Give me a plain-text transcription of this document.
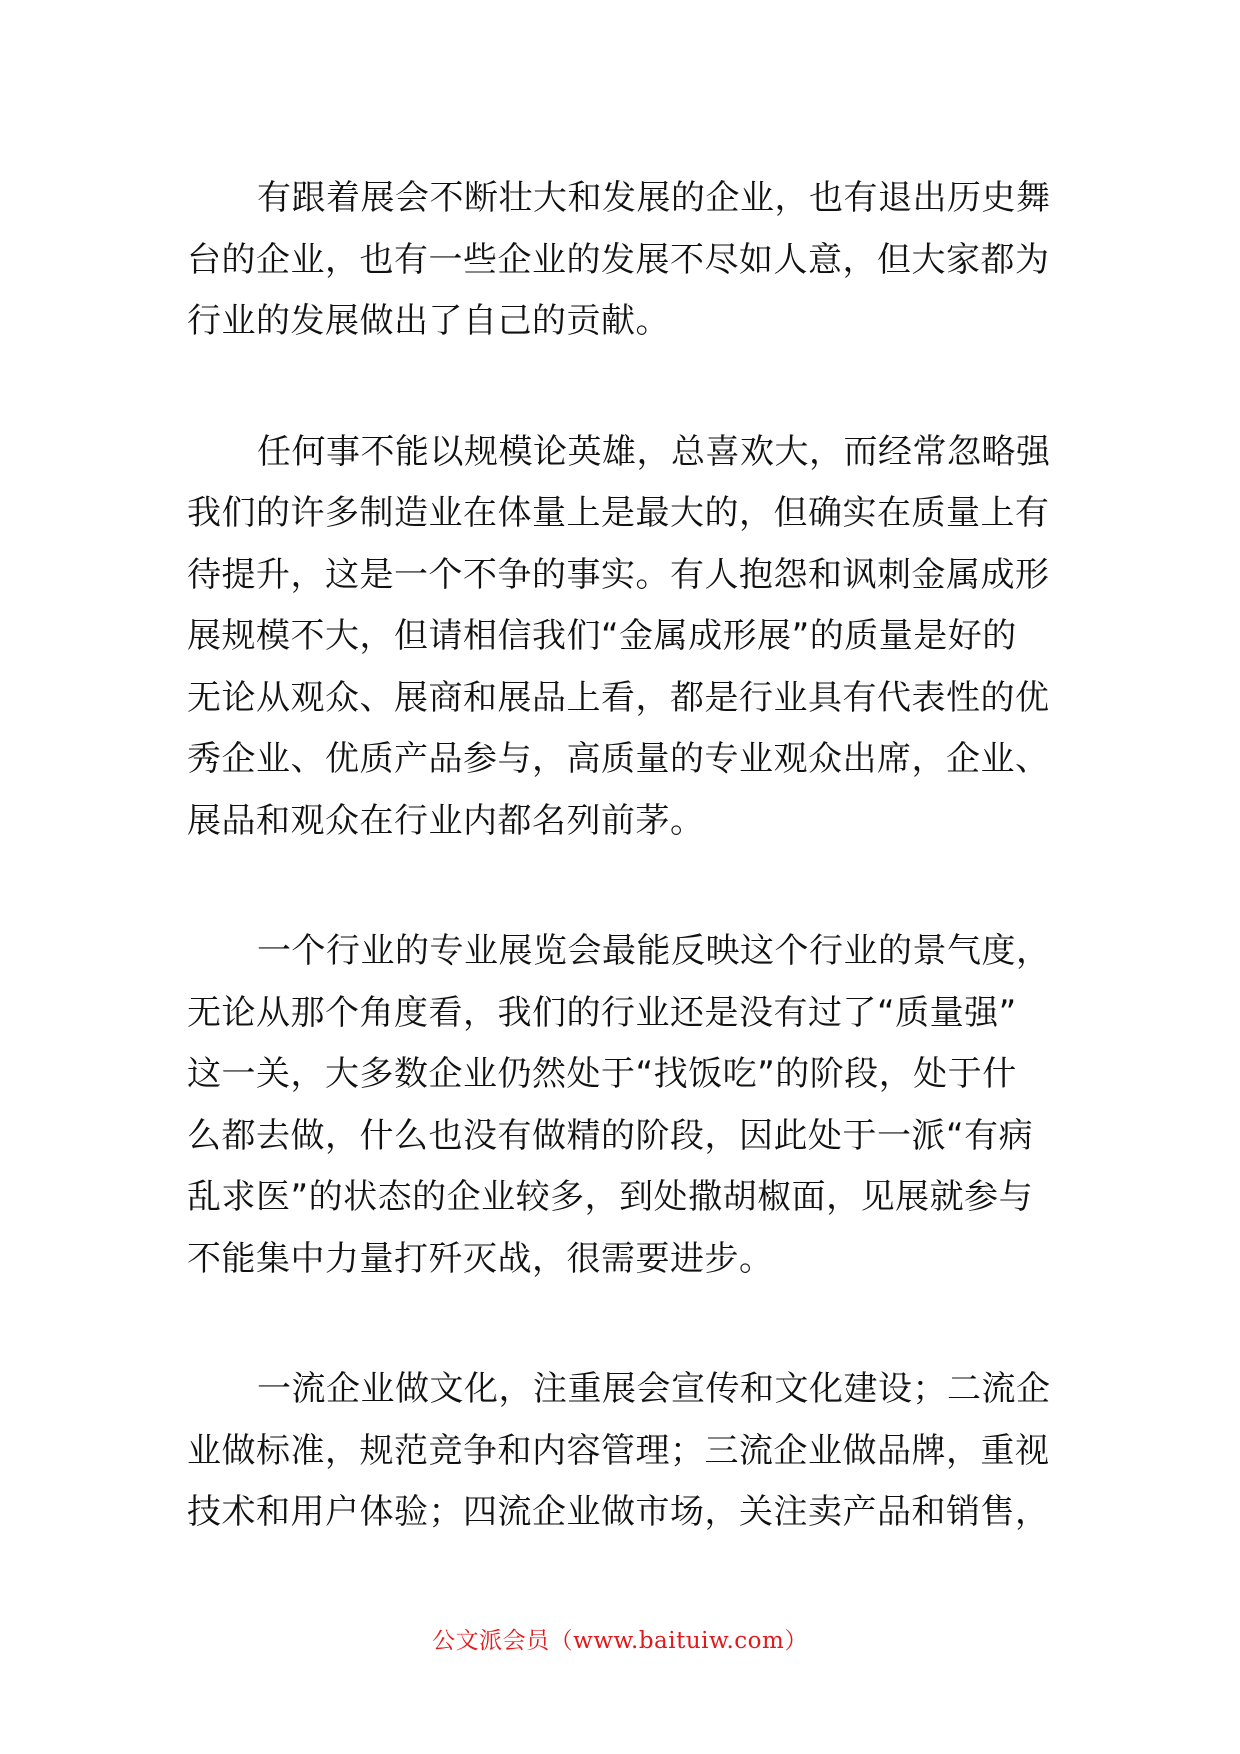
有跟着展会不断壮大和发展的企业，也有退出历史舞
台的企业，也有一些企业的发展不尽如人意，但大家都为
行业的发展做出了自己的贡献。
任何事不能以规模论英雄，总喜欢大，而经常忽略强
我们的许多制造业在体量上是最大的，但确实在质量上有
待提升，这是一个不争的事实。有人抱怨和讽刺金属成形
展规模不大，但请相信我们“金属成形展”的质量是好的
无论从观众、展商和展品上看，都是行业具有代表性的优
秀企业、优质产品参与，高质量的专业观众出席，企业、
展品和观众在行业内都名列前茅。
一个行业的专业展览会最能反映这个行业的景气度，
无论从那个角度看，我们的行业还是没有过了“质量强”
这一关，大多数企业仍然处于“找饭吃”的阶段，处于什
么都去做，什么也没有做精的阶段，因此处于一派“有病
乱求医”的状态的企业较多，到处撒胡椒面，见展就参与
不能集中力量打歼灭战，很需要进步。
一流企业做文化，注重展会宣传和文化建设；二流企
业做标准，规范竞争和内容管理；三流企业做品牌，重视
技术和用户体验；四流企业做市场，关注卖产品和销售，
公文派会员（www.baituiw.com）
